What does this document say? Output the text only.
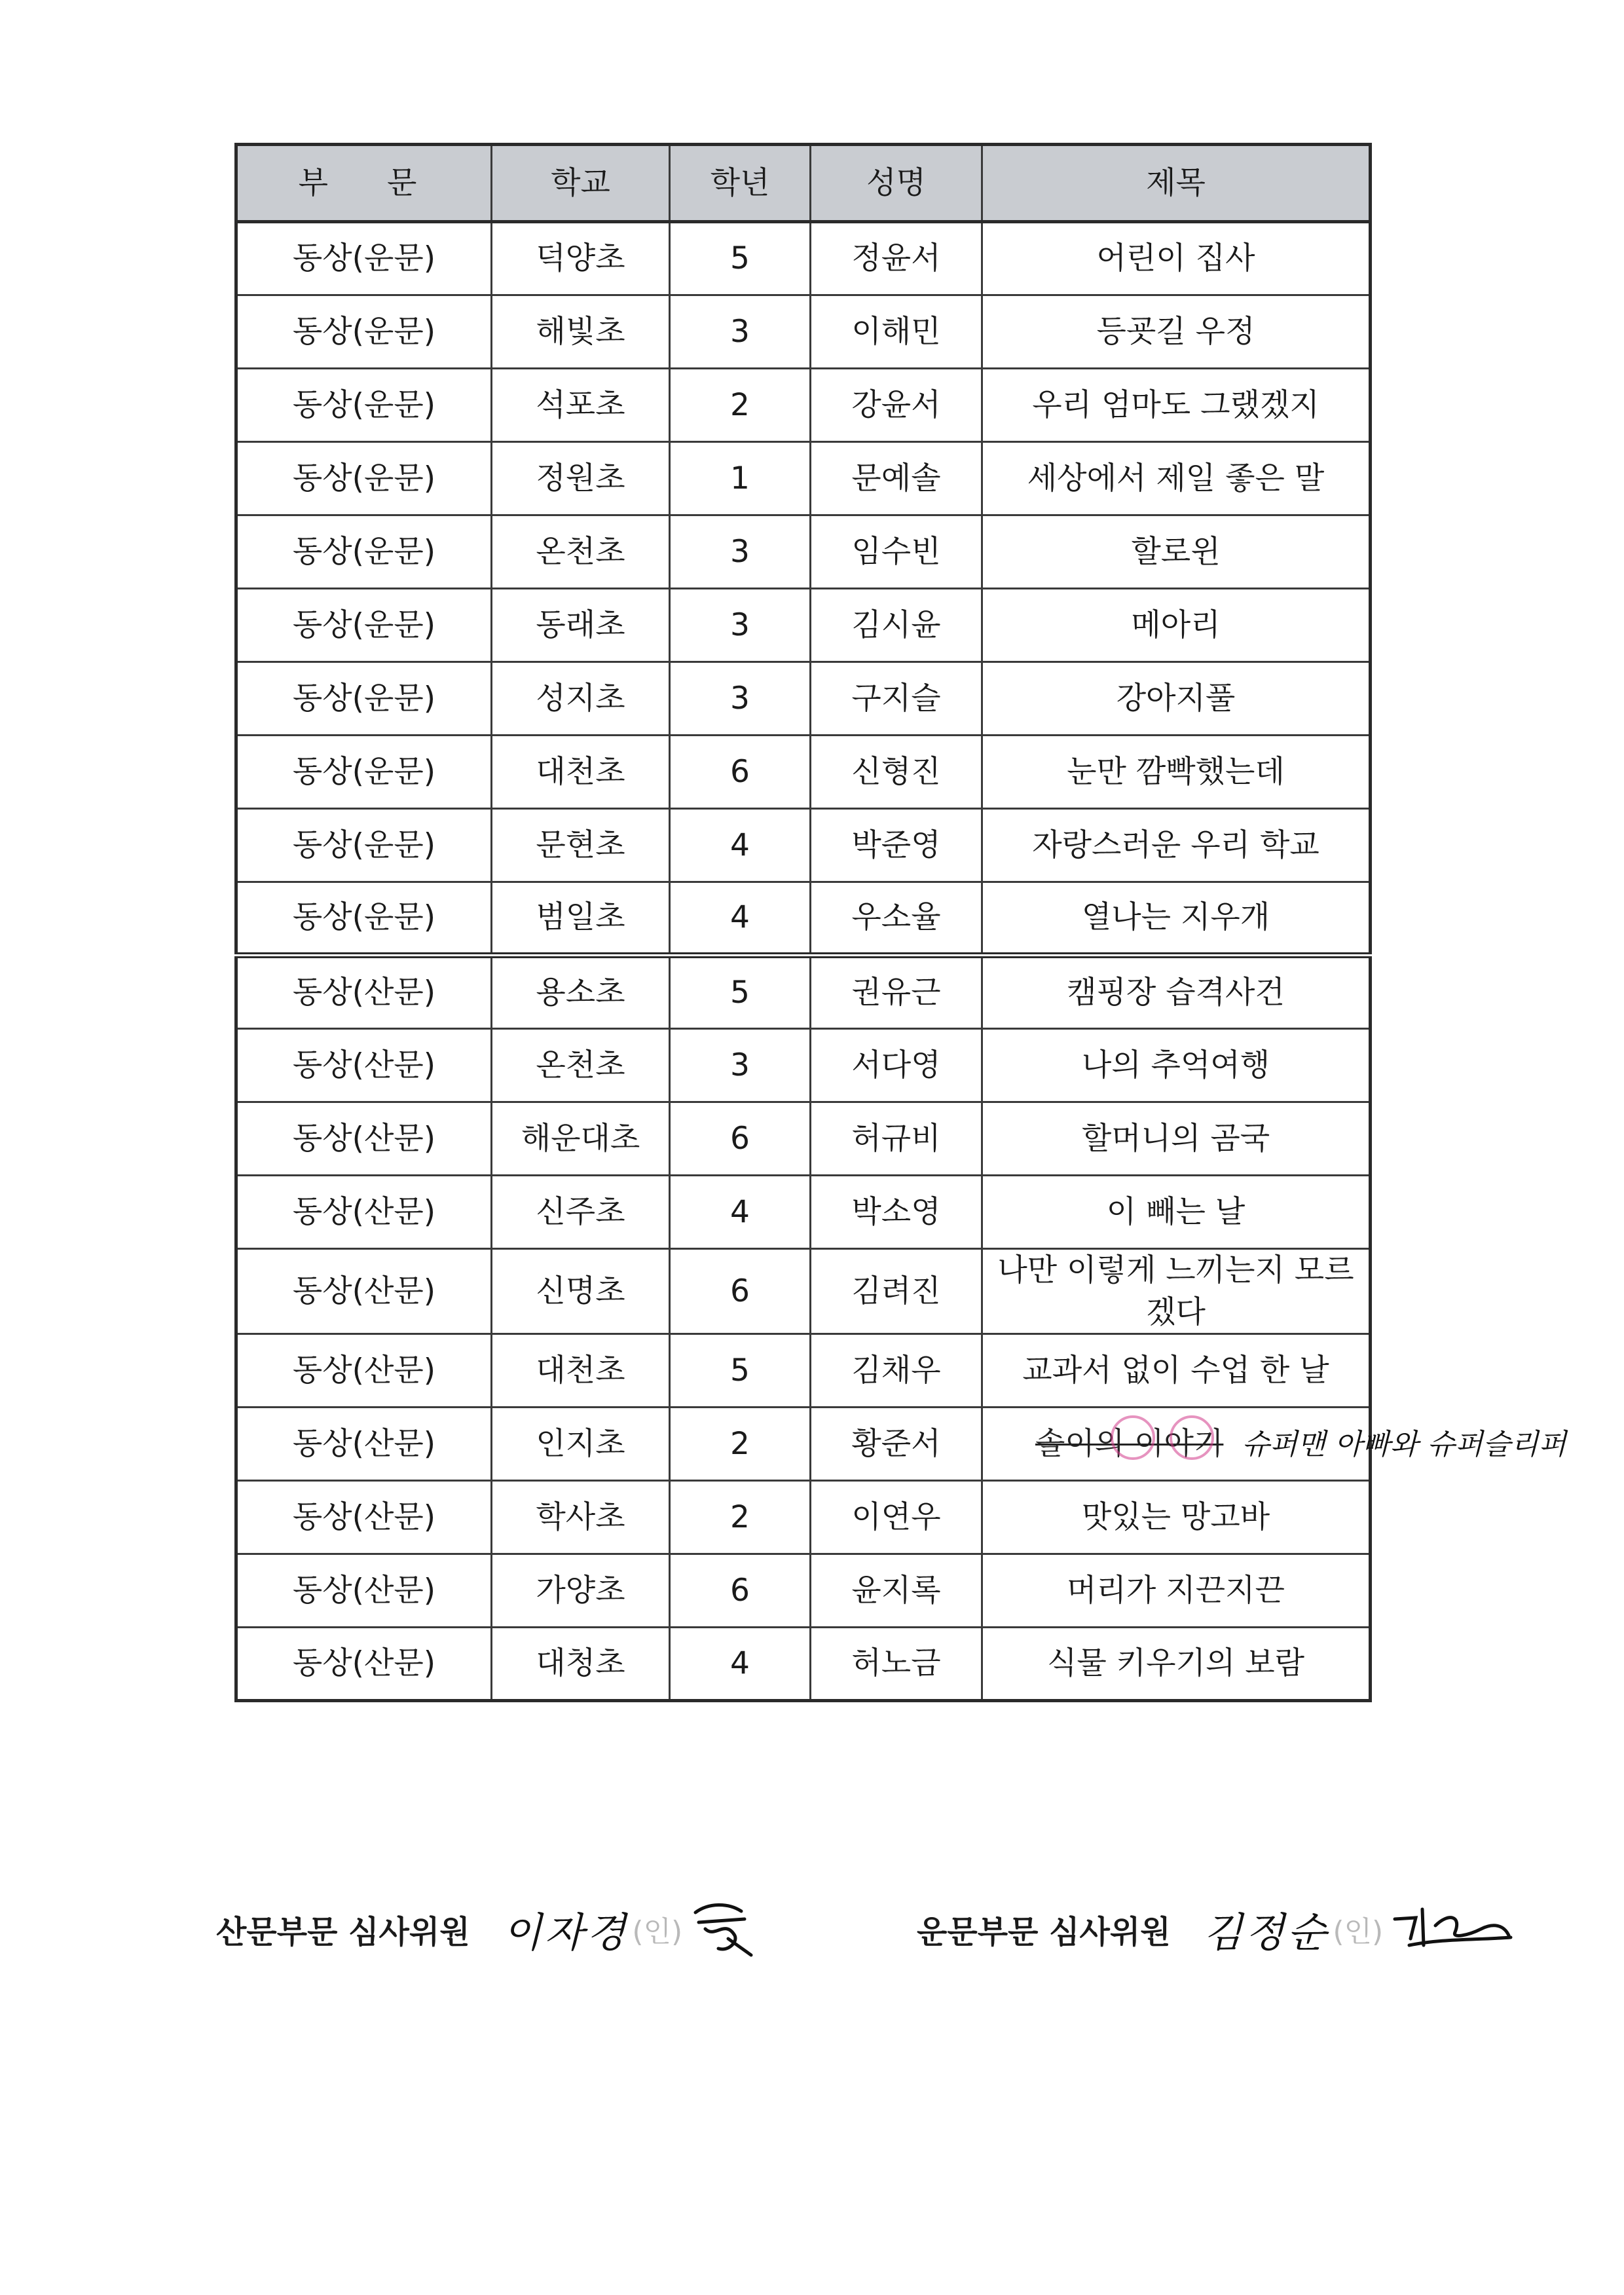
부  문	학교	학년	성명	제목
동상(운문)	덕양초	5	정윤서	어린이 집사
동상(운문)	해빛초	3	이해민	등굣길 우정
동상(운문)	석포초	2	강윤서	우리 엄마도 그랬겠지
동상(운문)	정원초	1	문예솔	세상에서 제일 좋은 말
동상(운문)	온천초	3	임수빈	할로윈
동상(운문)	동래초	3	김시윤	메아리
동상(운문)	성지초	3	구지슬	강아지풀
동상(운문)	대천초	6	신형진	눈만 깜빡했는데
동상(운문)	문현초	4	박준영	자랑스러운 우리 학교
동상(운문)	범일초	4	우소율	열나는 지우개
동상(산문)	용소초	5	권유근	캠핑장 습격사건
동상(산문)	온천초	3	서다영	나의 추억여행
동상(산문)	해운대초	6	허규비	할머니의 곰국
동상(산문)	신주초	4	박소영	이 빼는 날
동상(산문)	신명초	6	김려진	나만 이렇게 느끼는지 모르겠다
동상(산문)	대천초	5	김채우	교과서 없이 수업 한 날
동상(산문)	인지초	2	황준서	솔이의 이야기 슈퍼맨 아빠와 슈퍼슬리퍼
동상(산문)	학사초	2	이연우	맛있는 망고바
동상(산문)	가양초	6	윤지록	머리가 지끈지끈
동상(산문)	대청초	4	허노금	식물 키우기의 보람
산문부문 심사위원 이자경 (인)	운문부문 심사위원 김정순 (인)
